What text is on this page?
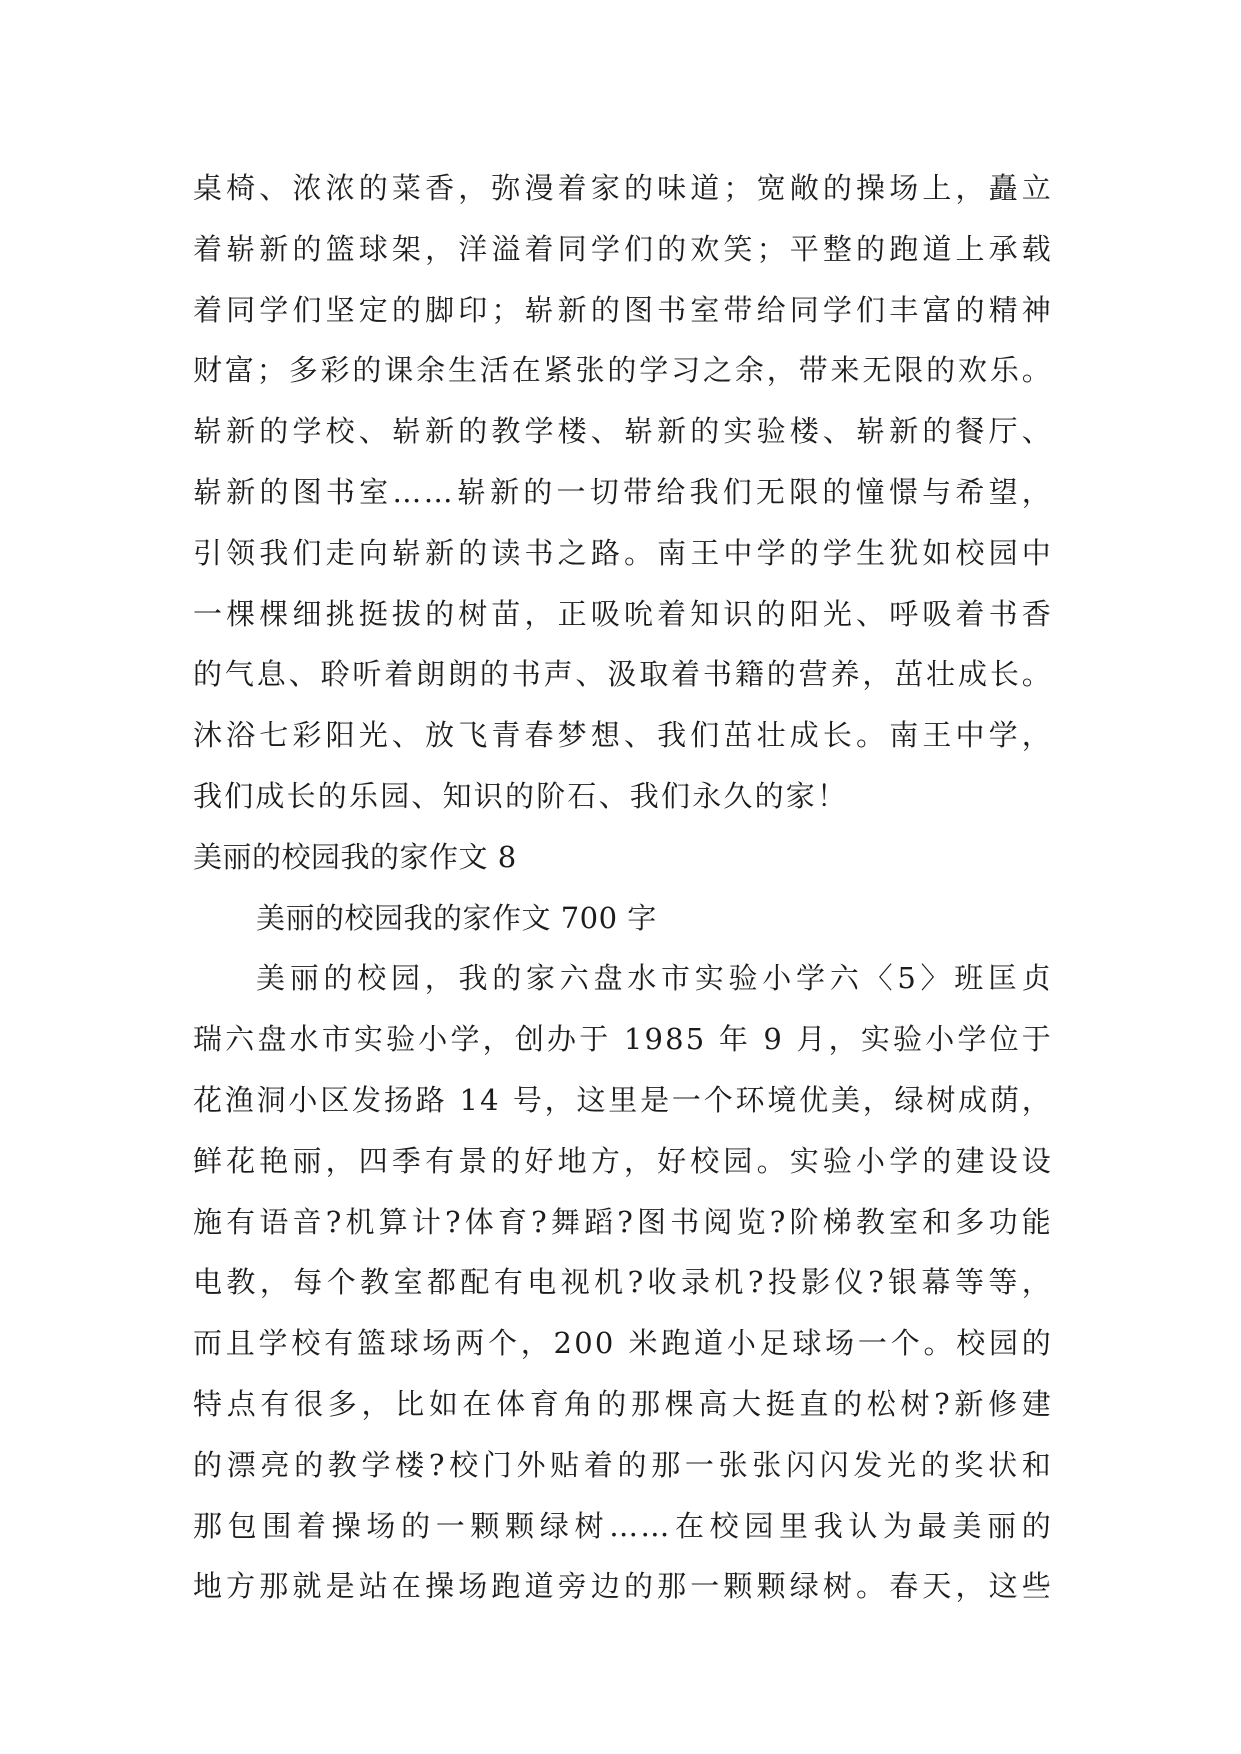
桌椅、浓浓的菜香，弥漫着家的味道；宽敞的操场上，矗立
着崭新的篮球架，洋溢着同学们的欢笑；平整的跑道上承载
着同学们坚定的脚印；崭新的图书室带给同学们丰富的精神
财富；多彩的课余生活在紧张的学习之余，带来无限的欢乐。
崭新的学校、崭新的教学楼、崭新的实验楼、崭新的餐厅、
崭新的图书室……崭新的一切带给我们无限的憧憬与希望，
引领我们走向崭新的读书之路。南王中学的学生犹如校园中
一棵棵细挑挺拔的树苗，正吸吮着知识的阳光、呼吸着书香
的气息、聆听着朗朗的书声、汲取着书籍的营养，茁壮成长。
沐浴七彩阳光、放飞青春梦想、我们茁壮成长。南王中学，
我们成长的乐园、知识的阶石、我们永久的家！
美丽的校园我的家作文 8
美丽的校园我的家作文 700 字
美丽的校园，我的家六盘水市实验小学六〈5〉班匡贞
瑞六盘水市实验小学，创办于 1985 年 9 月，实验小学位于
花渔洞小区发扬路 14 号，这里是一个环境优美，绿树成荫，
鲜花艳丽，四季有景的好地方，好校园。实验小学的建设设
施有语音?机算计?体育?舞蹈?图书阅览?阶梯教室和多功能
电教，每个教室都配有电视机?收录机?投影仪?银幕等等，
而且学校有篮球场两个，200 米跑道小足球场一个。校园的
特点有很多，比如在体育角的那棵高大挺直的松树?新修建
的漂亮的教学楼?校门外贴着的那一张张闪闪发光的奖状和
那包围着操场的一颗颗绿树……在校园里我认为最美丽的
地方那就是站在操场跑道旁边的那一颗颗绿树。春天，这些
